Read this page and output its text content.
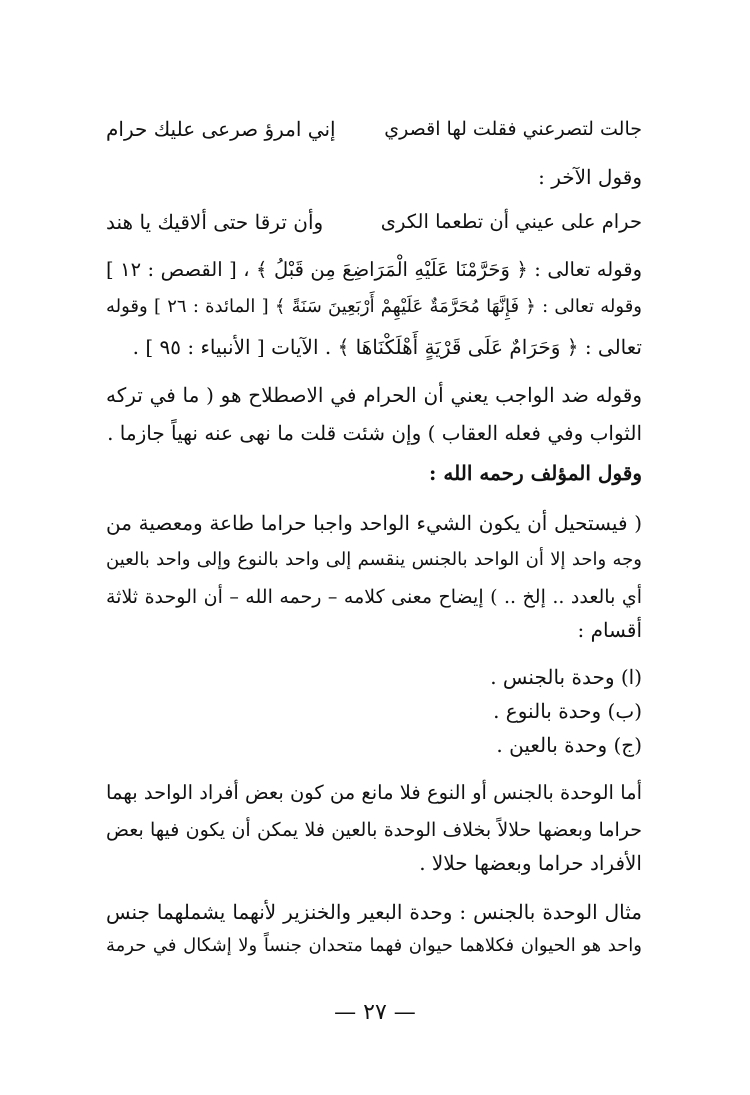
جالت لتصرعني فقلت لها اقصري
إني امرؤ صرعى عليك حرام
وقول الآخر :
حرام على عيني أن تطعما الكرى
وأن ترقا حتى ألاقيك يا هند
وقوله تعالى : ﴿ وَحَرَّمْنَا عَلَيْهِ الْمَرَاضِعَ مِن قَبْلُ ﴾ ، [ القصص : ١٢ ]
وقوله تعالى : ﴿ فَإِنَّهَا مُحَرَّمَةٌ عَلَيْهِمْ أَرْبَعِينَ سَنَةً ﴾ [ المائدة : ٢٦ ] وقوله
تعالى : ﴿ وَحَرَامٌ عَلَى قَرْيَةٍ أَهْلَكْنَاهَا ﴾ . الآيات [ الأنبياء : ٩٥ ] .
وقوله ضد الواجب يعني أن الحرام في الاصطلاح هو ( ما في تركه
الثواب وفي فعله العقاب ) وإن شئت قلت ما نهى عنه نهياً جازما .
وقول المؤلف رحمه الله :
( فيستحيل أن يكون الشيء الواحد واجبا حراما طاعة ومعصية من
وجه واحد إلا أن الواحد بالجنس ينقسم إلى واحد بالنوع وإلى واحد بالعين
أي بالعدد .. إلخ .. ) إيضاح معنى كلامه – رحمه الله – أن الوحدة ثلاثة
أقسام :
(ا) وحدة بالجنس .
(ب) وحدة بالنوع .
(ج) وحدة بالعين .
أما الوحدة بالجنس أو النوع فلا مانع من كون بعض أفراد الواحد بهما
حراما وبعضها حلالاً بخلاف الوحدة بالعين فلا يمكن أن يكون فيها بعض
الأفراد حراما وبعضها حلالا .
مثال الوحدة بالجنس : وحدة البعير والخنزير لأنهما يشملهما جنس
واحد هو الحيوان فكلاهما حيوان فهما متحدان جنساً ولا إشكال في حرمة
— ٢٧ —
